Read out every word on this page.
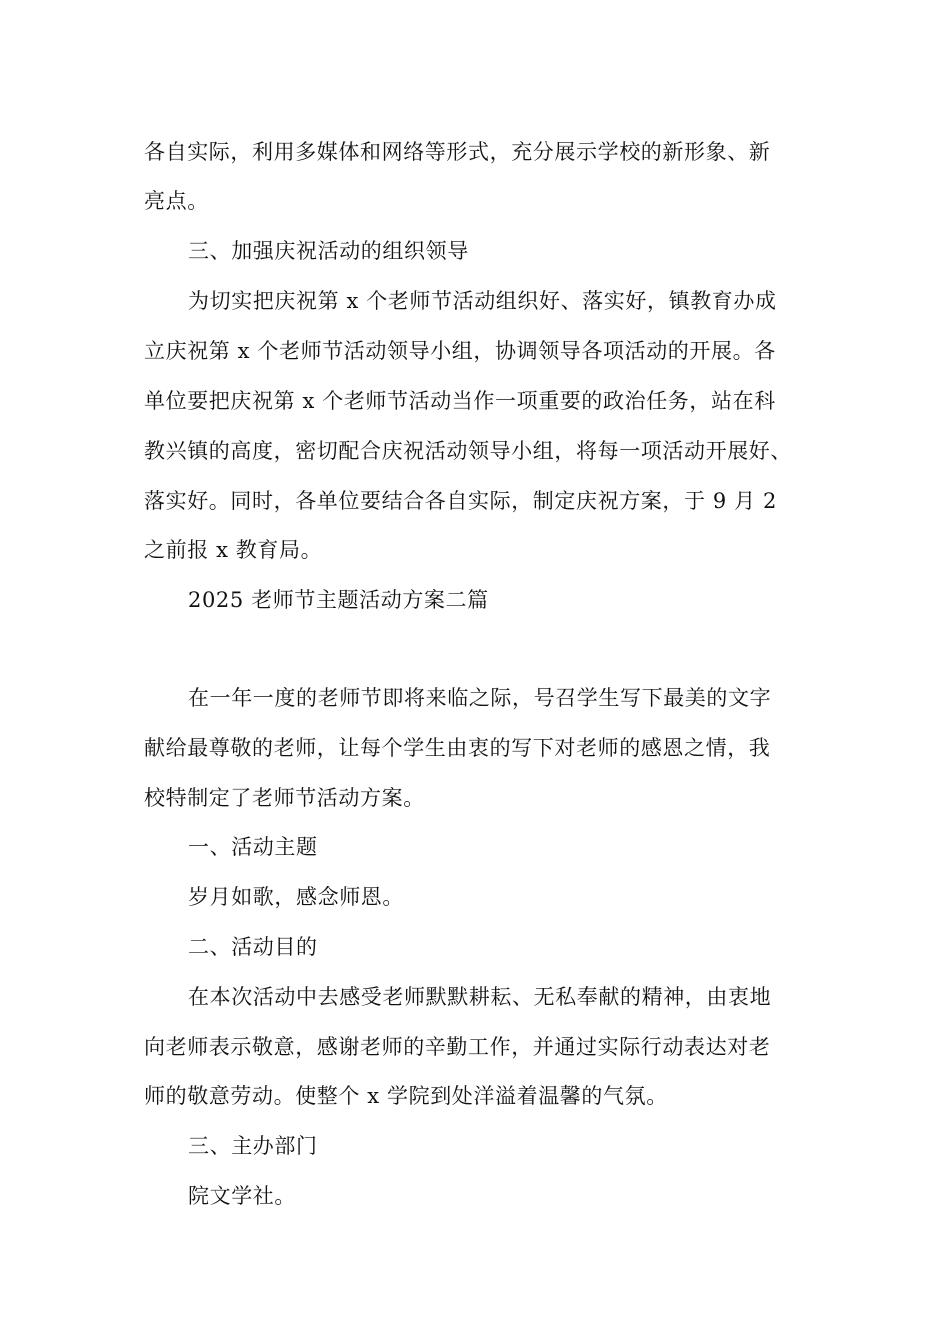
各自实际，利用多媒体和网络等形式，充分展示学校的新形象、新
亮点。
三、加强庆祝活动的组织领导
为切实把庆祝第 x 个老师节活动组织好、落实好，镇教育办成
立庆祝第 x 个老师节活动领导小组，协调领导各项活动的开展。各
单位要把庆祝第 x 个老师节活动当作一项重要的政治任务，站在科
教兴镇的高度，密切配合庆祝活动领导小组，将每一项活动开展好、
落实好。同时，各单位要结合各自实际，制定庆祝方案，于 9 月 2
之前报 x 教育局。
2025 老师节主题活动方案二篇
在一年一度的老师节即将来临之际，号召学生写下最美的文字
献给最尊敬的老师，让每个学生由衷的写下对老师的感恩之情，我
校特制定了老师节活动方案。
一、活动主题
岁月如歌，感念师恩。
二、活动目的
在本次活动中去感受老师默默耕耘、无私奉献的精神，由衷地
向老师表示敬意，感谢老师的辛勤工作，并通过实际行动表达对老
师的敬意劳动。使整个 x 学院到处洋溢着温馨的气氛。
三、主办部门
院文学社。
